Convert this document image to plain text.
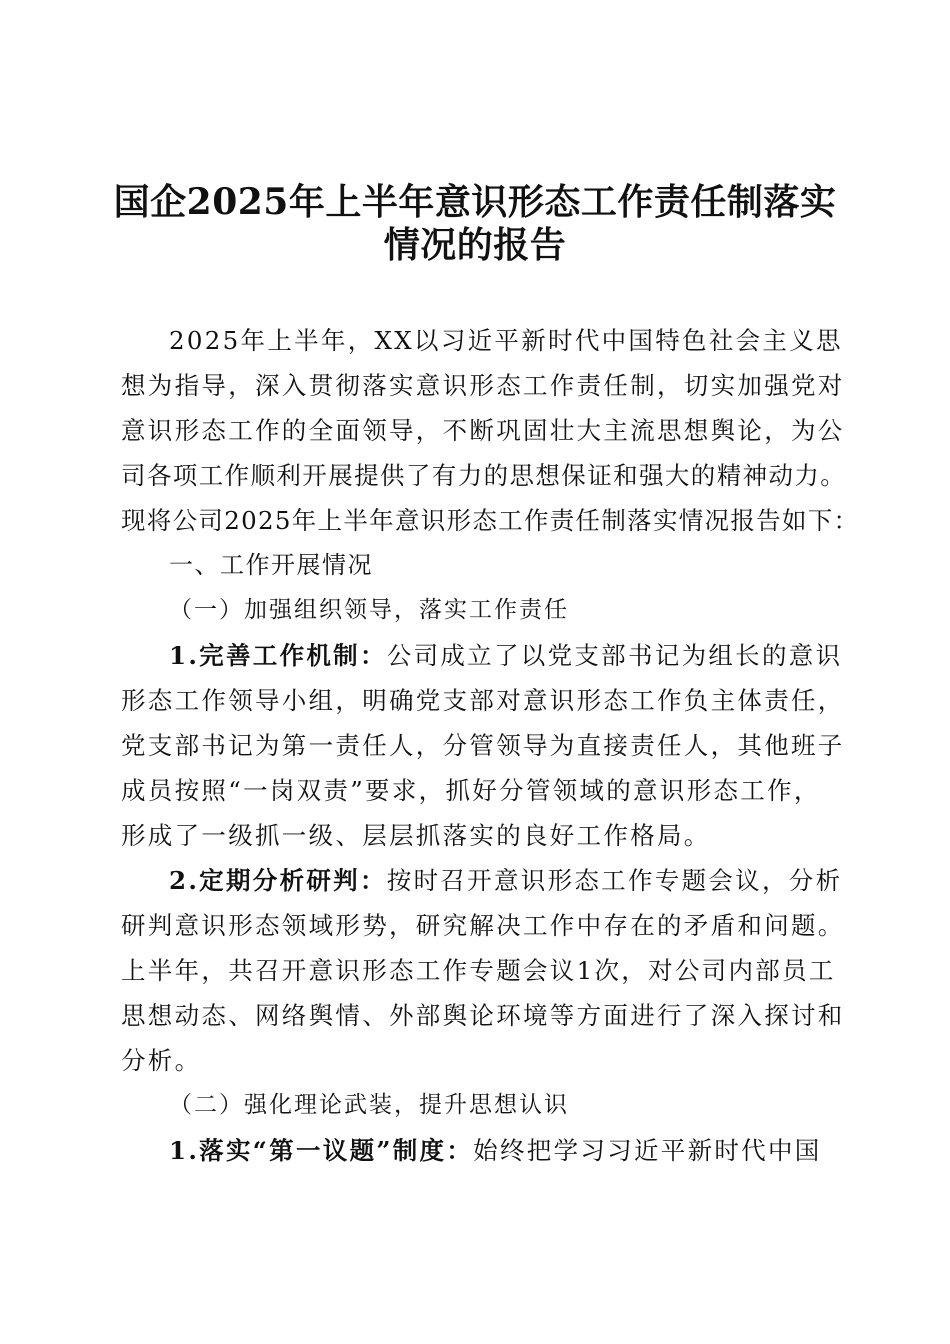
国企2025年上半年意识形态工作责任制落实
情况的报告
2025年上半年，XX以习近平新时代中国特色社会主义思
想为指导，深入贯彻落实意识形态工作责任制，切实加强党对
意识形态工作的全面领导，不断巩固壮大主流思想舆论，为公
司各项工作顺利开展提供了有力的思想保证和强大的精神动力。
现将公司2025年上半年意识形态工作责任制落实情况报告如下：
一、工作开展情况
（一）加强组织领导，落实工作责任
1.完善工作机制：公司成立了以党支部书记为组长的意识
形态工作领导小组，明确党支部对意识形态工作负主体责任，
党支部书记为第一责任人，分管领导为直接责任人，其他班子
成员按照“一岗双责”要求，抓好分管领域的意识形态工作，
形成了一级抓一级、层层抓落实的良好工作格局。
2.定期分析研判：按时召开意识形态工作专题会议，分析
研判意识形态领域形势，研究解决工作中存在的矛盾和问题。
上半年，共召开意识形态工作专题会议1次，对公司内部员工
思想动态、网络舆情、外部舆论环境等方面进行了深入探讨和
分析。
（二）强化理论武装，提升思想认识
1.落实“第一议题”制度：始终把学习习近平新时代中国
